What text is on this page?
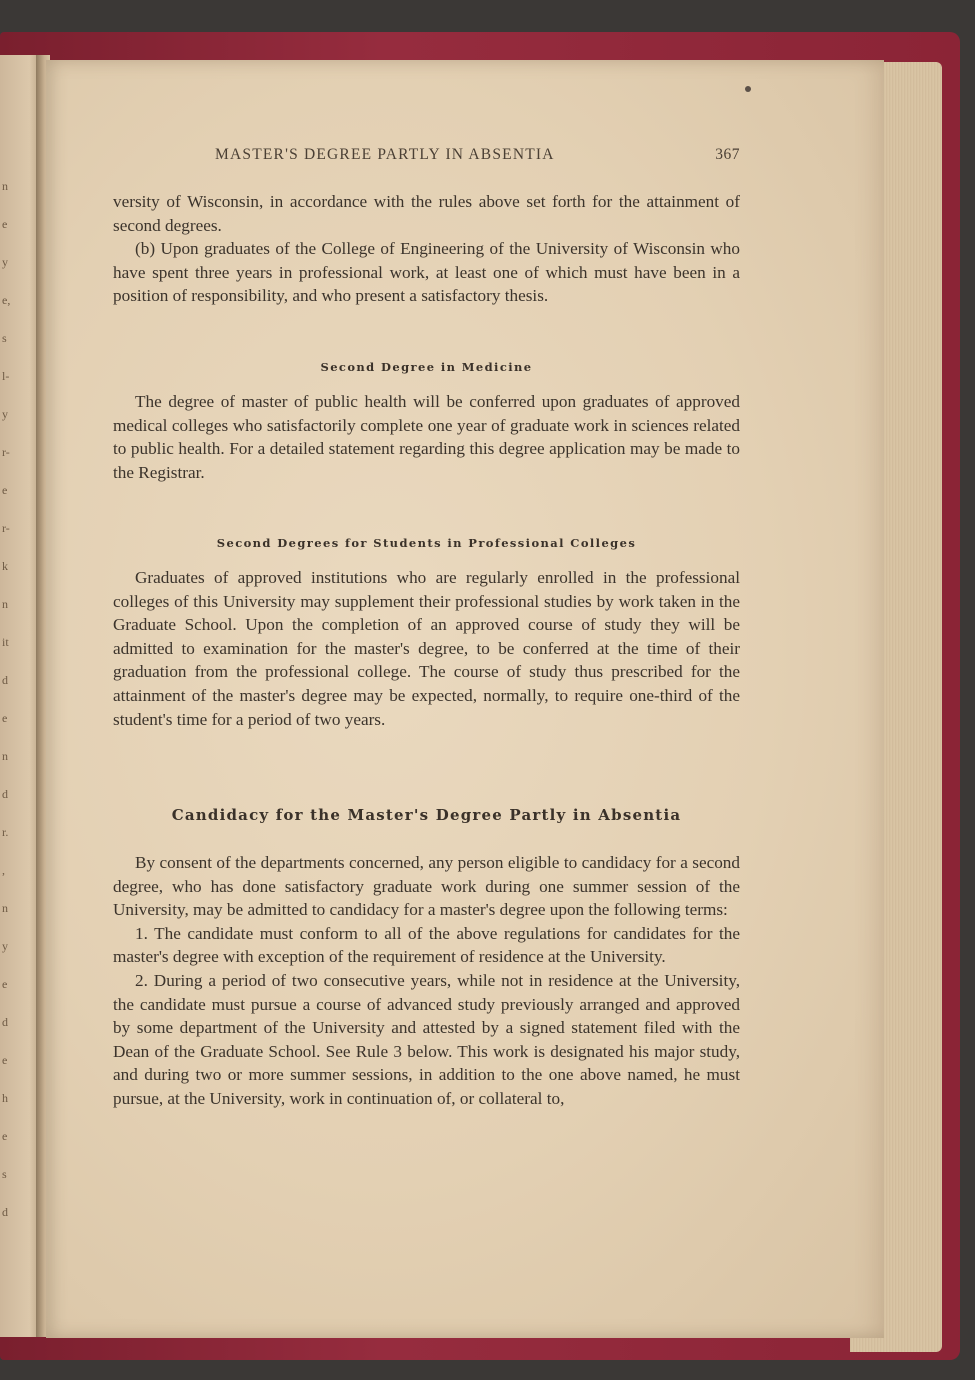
n
e
y
e,
s
l-
y
r-
e
r-
k
n
it
d
e
n
d
r.
,
n
y
e
d
e
h
e
s
d
MASTER'S DEGREE PARTLY IN ABSENTIA	367

versity of Wisconsin, in accordance with the rules above set forth for the attainment of second degrees.

(b) Upon graduates of the College of Engineering of the University of Wisconsin who have spent three years in professional work, at least one of which must have been in a position of responsibility, and who present a satisfactory thesis.

Second Degree in Medicine

The degree of master of public health will be conferred upon graduates of approved medical colleges who satisfactorily complete one year of graduate work in sciences related to public health. For a detailed statement regarding this degree application may be made to the Registrar.

Second Degrees for Students in Professional Colleges

Graduates of approved institutions who are regularly enrolled in the professional colleges of this University may supplement their professional studies by work taken in the Graduate School. Upon the completion of an approved course of study they will be admitted to examination for the master's degree, to be conferred at the time of their graduation from the professional college. The course of study thus prescribed for the attainment of the master's degree may be expected, normally, to require one-third of the student's time for a period of two years.

Candidacy for the Master's Degree Partly in Absentia

By consent of the departments concerned, any person eligible to candidacy for a second degree, who has done satisfactory graduate work during one summer session of the University, may be admitted to candidacy for a master's degree upon the following terms:

1. The candidate must conform to all of the above regulations for candidates for the master's degree with exception of the requirement of residence at the University.

2. During a period of two consecutive years, while not in residence at the University, the candidate must pursue a course of advanced study previously arranged and approved by some department of the University and attested by a signed statement filed with the Dean of the Graduate School. See Rule 3 below. This work is designated his major study, and during two or more summer sessions, in addition to the one above named, he must pursue, at the University, work in continuation of, or collateral to,
